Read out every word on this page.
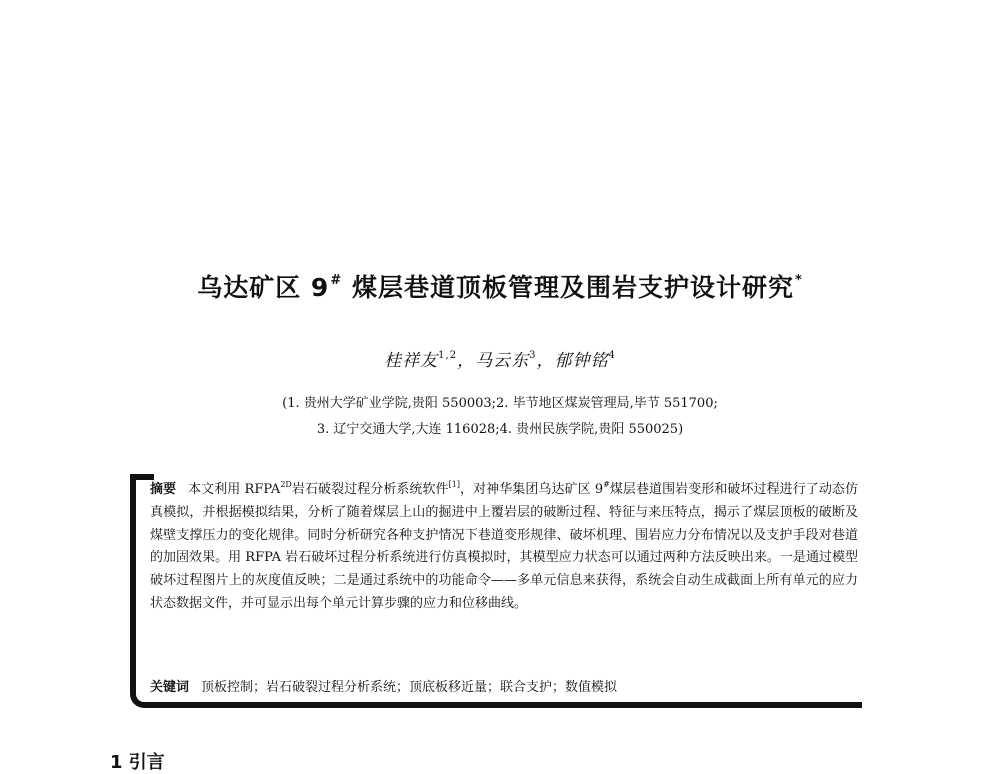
乌达矿区 9# 煤层巷道顶板管理及围岩支护设计研究*
桂祥友$^{1,2}$，马云东$^3$，郁钟铭$^4$
(1. 贵州大学矿业学院,贵阳 550003;2. 毕节地区煤炭管理局,毕节 551700;
3. 辽宁交通大学,大连 116028;4. 贵州民族学院,贵阳 550025)
摘要 本文利用 $RFPA^{2D}$岩石破裂过程分析系统软件[1]，对神华集团乌达矿区 9#煤层巷道围岩变形和破坏过程进行了动态仿真模拟，并根据模拟结果，分析了随着煤层上山的掘进中上覆岩层的破断过程、特征与来压特点，揭示了煤层顶板的破断及煤壁支撑压力的变化规律。同时分析研究各种支护情况下巷道变形规律、破坏机理、围岩应力分布情况以及支护手段对巷道的加固效果。用 RFPA 岩石破坏过程分析系统进行仿真模拟时，其模型应力状态可以通过两种方法反映出来。一是通过模型破坏过程图片上的灰度值反映；二是通过系统中的功能命令——多单元信息来获得，系统会自动生成截面上所有单元的应力状态数据文件，并可显示出每个单元计算步骤的应力和位移曲线。
关键词 顶板控制；岩石破裂过程分析系统；顶底板移近量；联合支护；数值模拟
1 引言
